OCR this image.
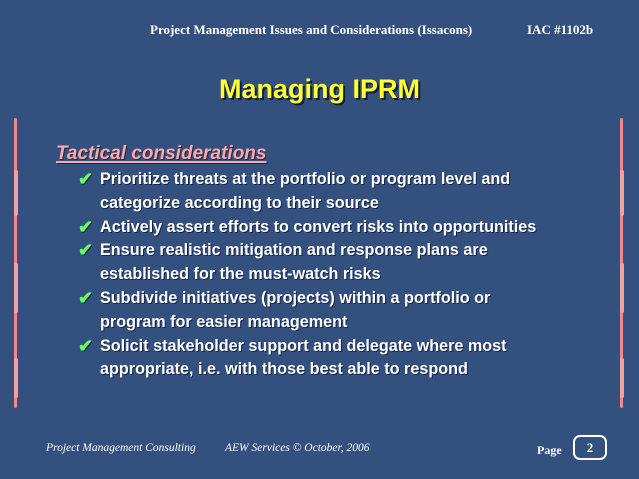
Project Management Issues and Considerations (Issacons)	IAC #1102b
Managing IPRM
Tactical considerations
✔ Prioritize threats at the portfolio or program level and
categorize according to their source
✔ Actively assert efforts to convert risks into opportunities
✔ Ensure realistic mitigation and response plans are
established for the must-watch risks
✔ Subdivide initiatives (projects) within a portfolio or
program for easier management
✔ Solicit stakeholder support and delegate where most
appropriate, i.e. with those best able to respond
Project Management Consulting	AEW Services © October, 2006	Page	2
